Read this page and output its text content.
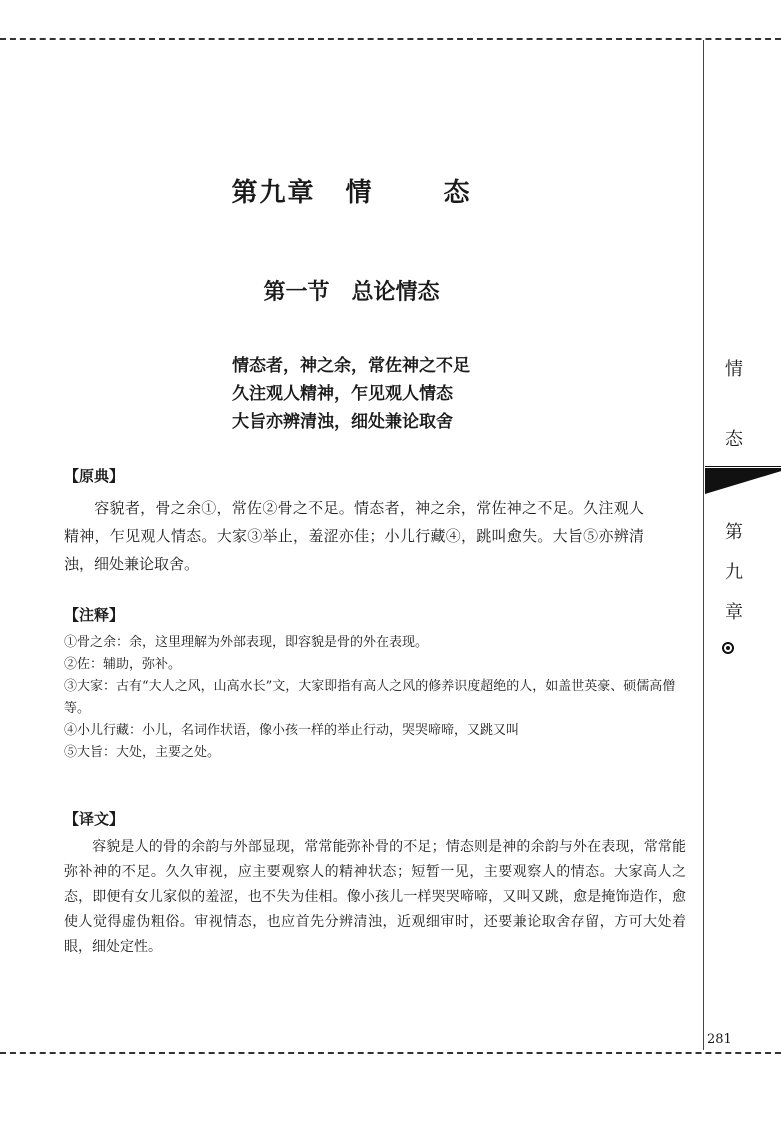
第九章 情	态
第一节 总论情态
情态者，神之余，常佐神之不足
久注观人精神，乍见观人情态
大旨亦辨清浊，细处兼论取舍
【原典】
容貌者，骨之余①，常佐②骨之不足。情态者，神之余，常佐神之不足。久注观人精神，乍见观人情态。大家③举止，羞涩亦佳；小儿行藏④，跳叫愈失。大旨⑤亦辨清浊，细处兼论取舍。
【注释】
①骨之余：余，这里理解为外部表现，即容貌是骨的外在表现。
②佐：辅助，弥补。
③大家：古有“大人之风，山高水长”文，大家即指有高人之风的修养识度超绝的人，如盖世英豪、硕儒高僧等。
④小儿行藏：小儿，名词作状语，像小孩一样的举止行动，哭哭啼啼，又跳又叫
⑤大旨：大处，主要之处。
【译文】
容貌是人的骨的余韵与外部显现，常常能弥补骨的不足；情态则是神的余韵与外在表现，常常能弥补神的不足。久久审视，应主要观察人的精神状态；短暂一见，主要观察人的情态。大家高人之态，即便有女儿家似的羞涩，也不失为佳相。像小孩儿一样哭哭啼啼，又叫又跳，愈是掩饰造作，愈使人觉得虚伪粗俗。审视情态，也应首先分辨清浊，近观细审时，还要兼论取舍存留，方可大处着眼，细处定性。
情
态
第
九
章
281
